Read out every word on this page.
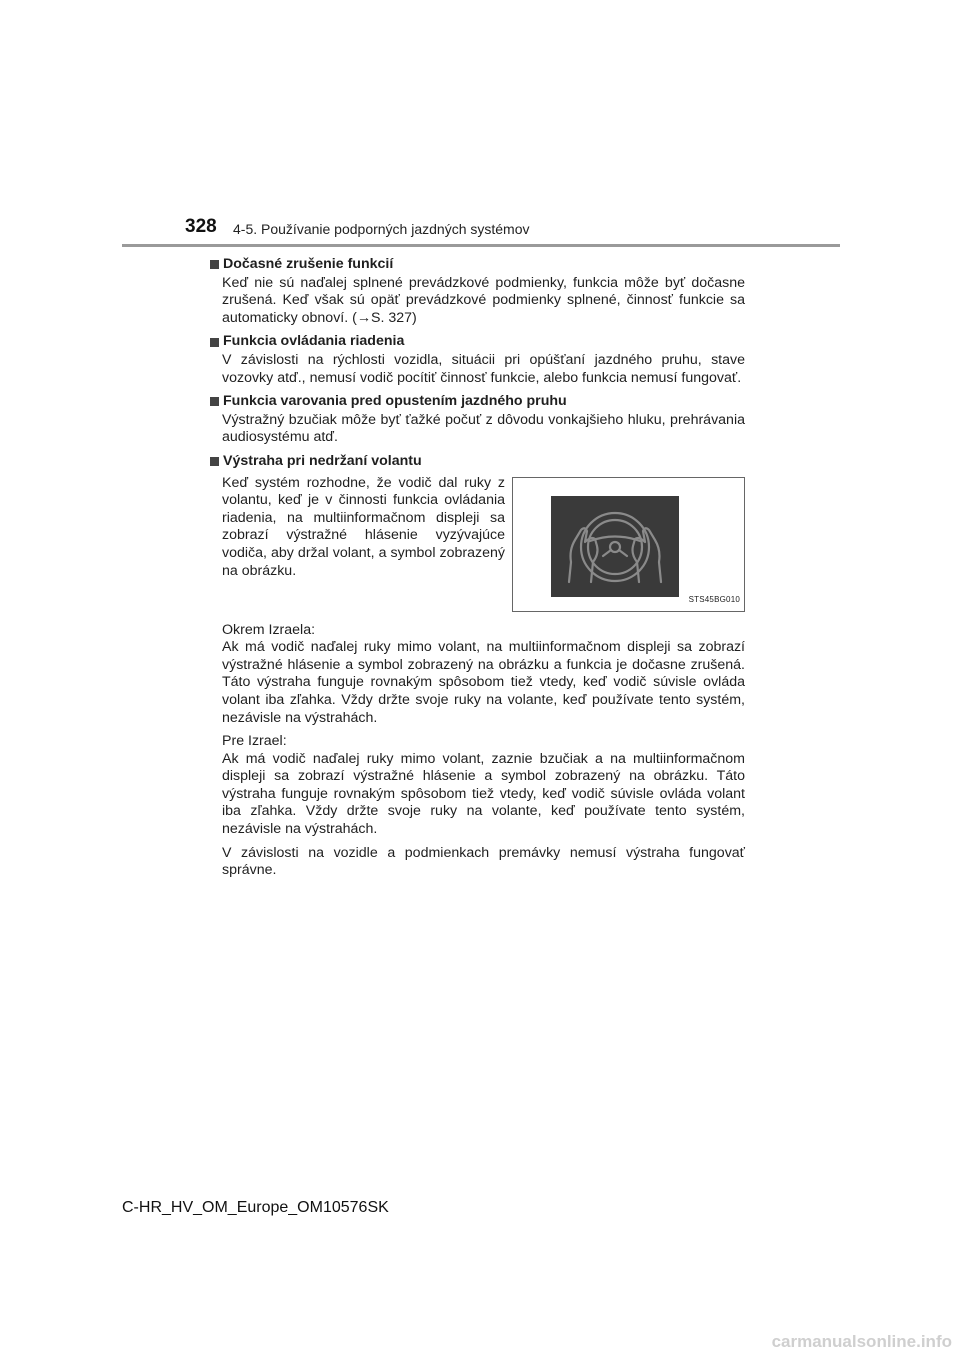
328 4-5. Používanie podporných jazdných systémov
Dočasné zrušenie funkcií
Keď nie sú naďalej splnené prevádzkové podmienky, funkcia môže byť dočasne zrušená. Keď však sú opäť prevádzkové podmienky splnené, činnosť funkcie sa automaticky obnoví. (→S. 327)
Funkcia ovládania riadenia
V závislosti na rýchlosti vozidla, situácii pri opúšťaní jazdného pruhu, stave vozovky atď., nemusí vodič pocítiť činnosť funkcie, alebo funkcia nemusí fungovať.
Funkcia varovania pred opustením jazdného pruhu
Výstražný bzučiak môže byť ťažké počuť z dôvodu vonkajšieho hluku, prehrávania audiosystému atď.
Výstraha pri nedržaní volantu
Keď systém rozhodne, že vodič dal ruky z volantu, keď je v činnosti funkcia ovládania riadenia, na multiinformačnom displeji sa zobrazí výstražné hlásenie vyzývajúce vodiča, aby držal volant, a symbol zobrazený na obrázku.
STS45BG010
Okrem Izraela:
Ak má vodič naďalej ruky mimo volant, na multiinformačnom displeji sa zobrazí výstražné hlásenie a symbol zobrazený na obrázku a funkcia je dočasne zrušená. Táto výstraha funguje rovnakým spôsobom tiež vtedy, keď vodič súvisle ovláda volant iba zľahka. Vždy držte svoje ruky na volante, keď používate tento systém, nezávisle na výstrahách.
Pre Izrael:
Ak má vodič naďalej ruky mimo volant, zaznie bzučiak a na multiinformačnom displeji sa zobrazí výstražné hlásenie a symbol zobrazený na obrázku. Táto výstraha funguje rovnakým spôsobom tiež vtedy, keď vodič súvisle ovláda volant iba zľahka. Vždy držte svoje ruky na volante, keď používate tento systém, nezávisle na výstrahách.
V závislosti na vozidle a podmienkach premávky nemusí výstraha fungovať správne.
C-HR_HV_OM_Europe_OM10576SK
carmanualsonline.info
